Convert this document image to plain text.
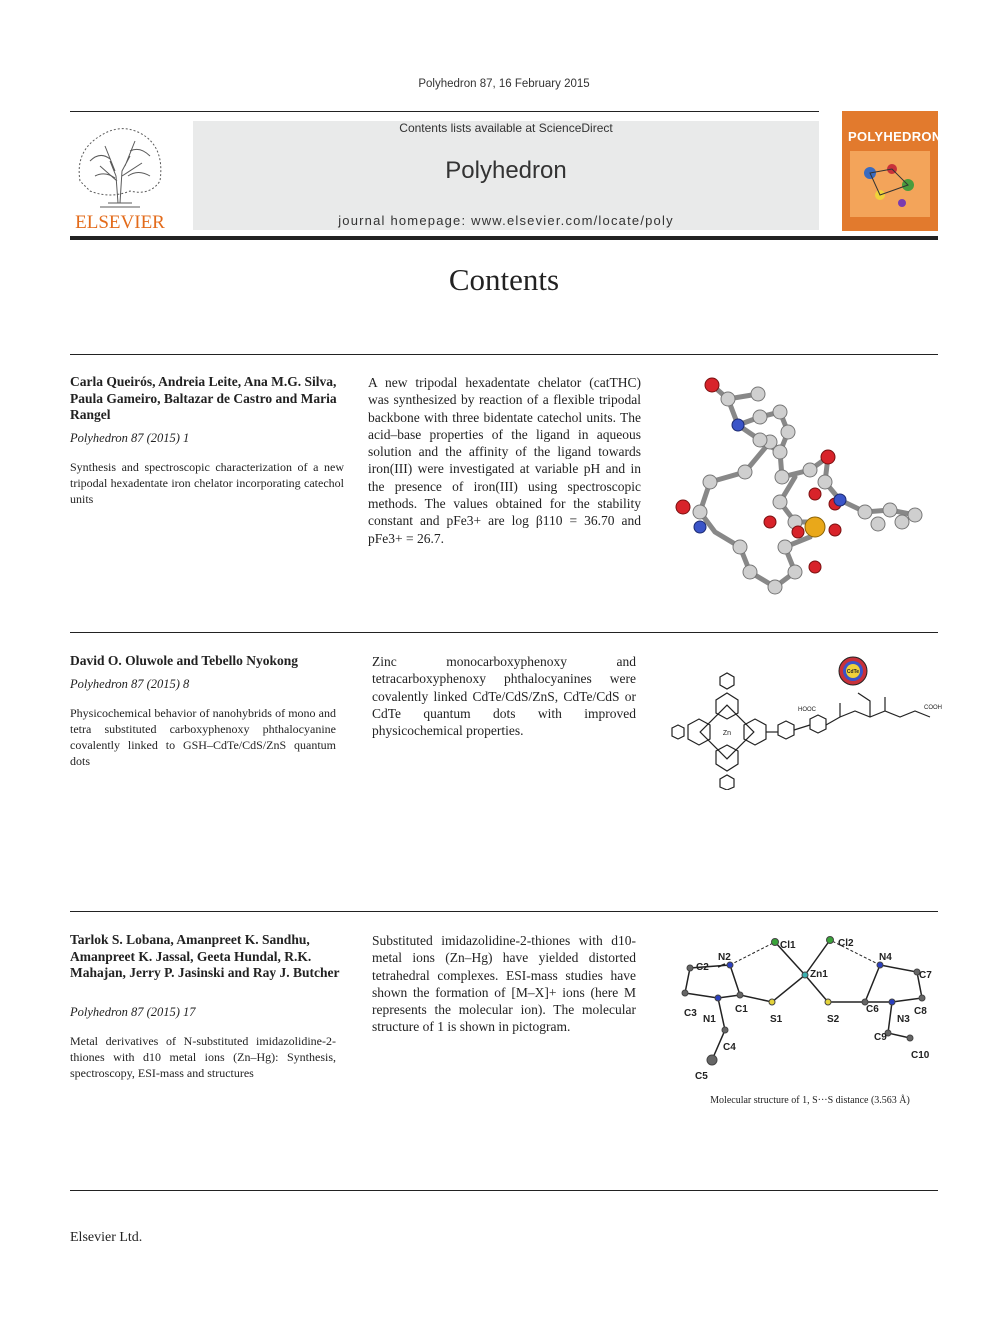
Polyhedron 87, 16 February 2015
ELSEVIER
Contents lists available at ScienceDirect
Polyhedron
journal homepage: www.elsevier.com/locate/poly
POLYHEDRON
Contents
Carla Queirós, Andreia Leite, Ana M.G. Silva, Paula Gameiro, Baltazar de Castro and Maria Rangel
Polyhedron 87 (2015) 1
Synthesis and spectroscopic characterization of a new tripodal hexadentate iron chelator incorporating catechol units
A new tripodal hexadentate chelator (catTHC) was synthesized by reaction of a flexible tripodal backbone with three bidentate catechol units. The acid–base properties of the ligand in aqueous solution and the affinity of the ligand towards iron(III) were investigated at variable pH and in the presence of iron(III) using spectroscopic methods. The values obtained for the stability constant and pFe3+ are log β110 = 36.70 and pFe3+ = 26.7.
David O. Oluwole and Tebello Nyokong
Polyhedron 87 (2015) 8
Physicochemical behavior of nanohybrids of mono and tetra substituted carboxyphenoxy phthalocyanine covalently linked to GSH–CdTe/CdS/ZnS quantum dots
Zinc monocarboxyphenoxy and tetracarboxyphenoxy phthalocyanines were covalently linked CdTe/CdS/ZnS, CdTe/CdS or CdTe quantum dots with improved physicochemical properties.	Zn
HOOC	COOH
CdTe
Tarlok S. Lobana, Amanpreet K. Sandhu, Amanpreet K. Jassal, Geeta Hundal, R.K. Mahajan, Jerry P. Jasinski and Ray J. Butcher
Polyhedron 87 (2015) 17
Metal derivatives of N-substituted imidazolidine-2-thiones with d10 metal ions (Zn–Hg): Synthesis, spectroscopy, ESI-mass and structures
Substituted imidazolidine-2-thiones with d10-metal ions (Zn–Hg) have yielded distorted tetrahedral complexes. ESI-mass studies have shown the formation of [M–X]+ ions (here M represents the molecular ion). The molecular structure of 1 is shown in pictogram.
Cl1	Cl2
N2
Zn1
N4
C2
C7
C3
N1
C1
S1	S2
C6
N3
C8
C4
C9
C10
C5
Molecular structure of 1, S···S distance (3.563 Å)
Elsevier Ltd.
